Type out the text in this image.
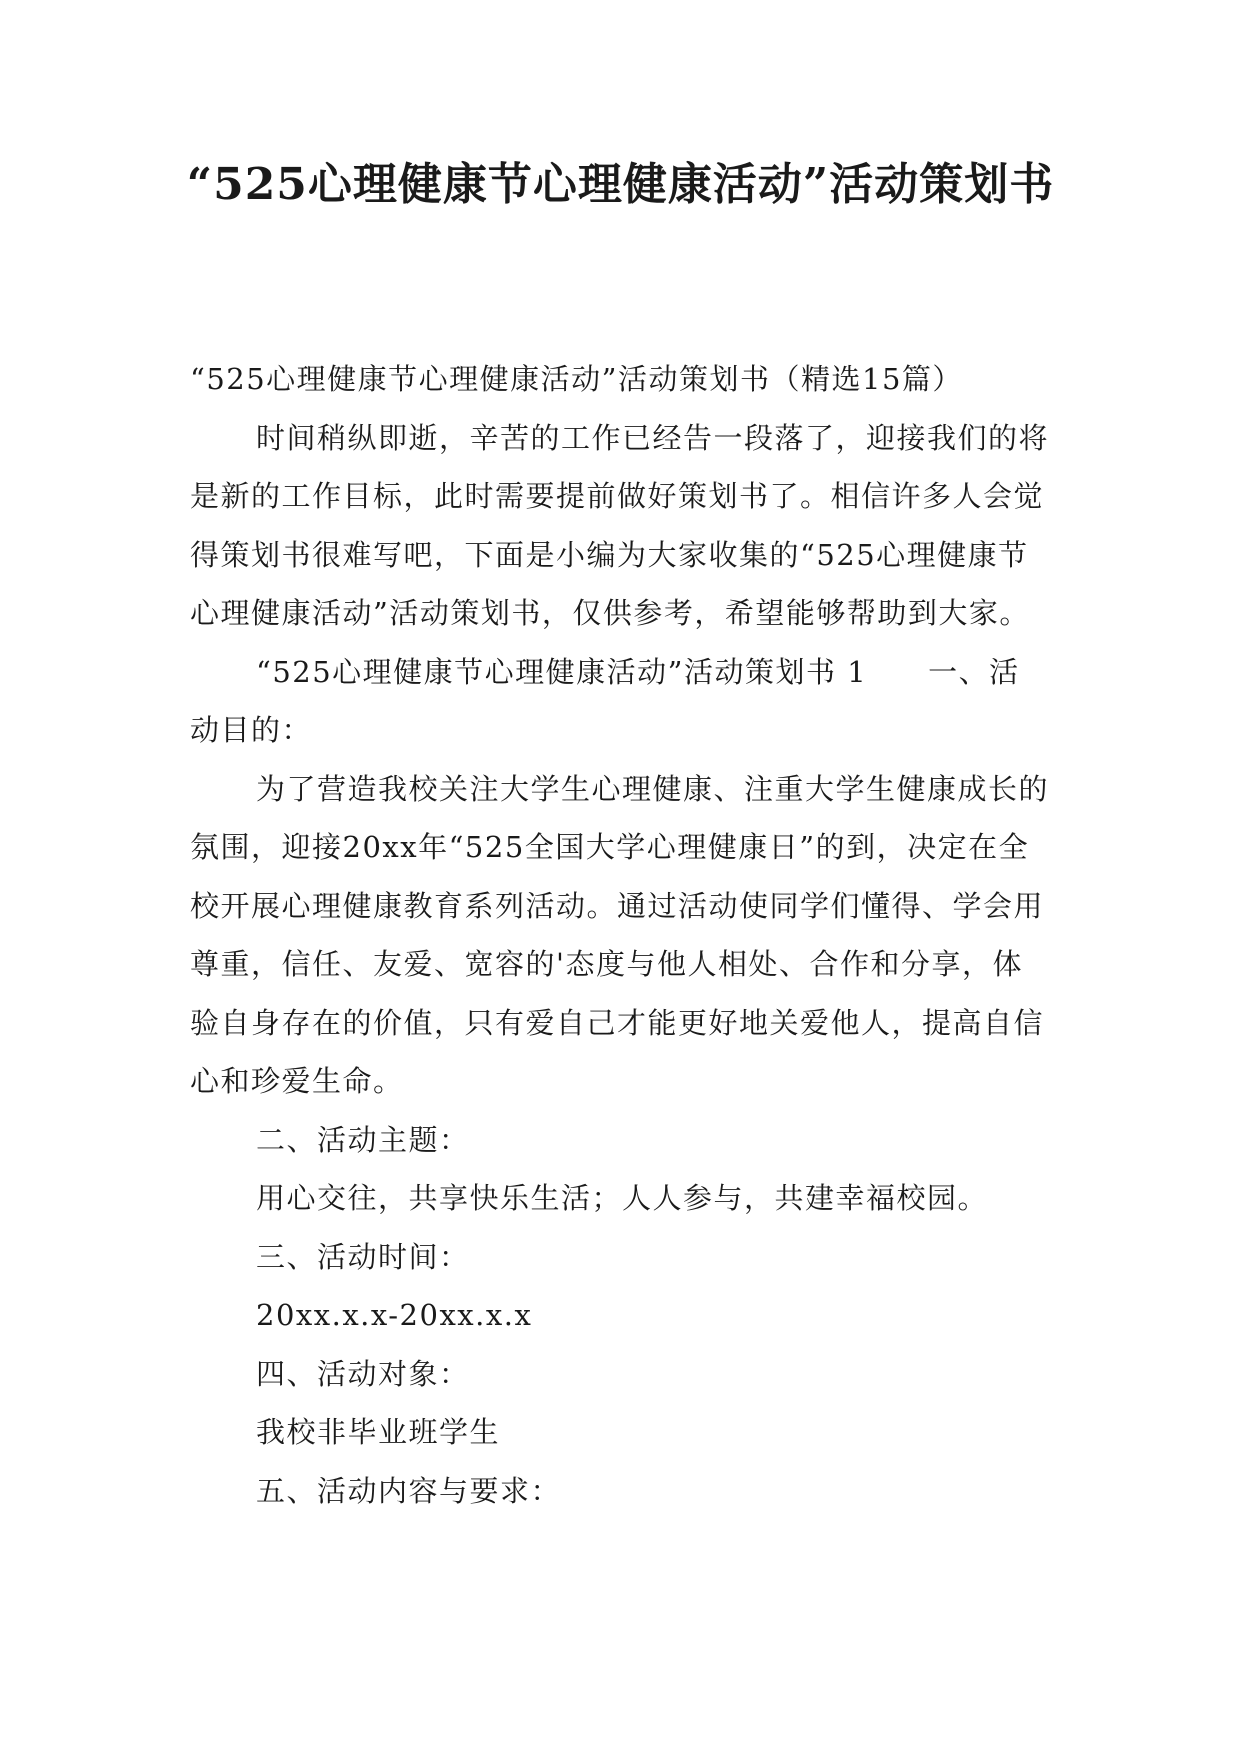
“525心理健康节心理健康活动”活动策划书

“525心理健康节心理健康活动”活动策划书（精选15篇）

时间稍纵即逝，辛苦的工作已经告一段落了，迎接我们的将是新的工作目标，此时需要提前做好策划书了。相信许多人会觉得策划书很难写吧，下面是小编为大家收集的“525心理健康节心理健康活动”活动策划书，仅供参考，希望能够帮助到大家。

“525心理健康节心理健康活动”活动策划书 1　　一、活动目的：

为了营造我校关注大学生心理健康、注重大学生健康成长的氛围，迎接20xx年“525全国大学心理健康日”的到，决定在全校开展心理健康教育系列活动。通过活动使同学们懂得、学会用尊重，信任、友爱、宽容的'态度与他人相处、合作和分享，体验自身存在的价值，只有爱自己才能更好地关爱他人，提高自信心和珍爱生命。

二、活动主题：

用心交往，共享快乐生活；人人参与，共建幸福校园。

三、活动时间：

20xx.x.x-20xx.x.x

四、活动对象：

我校非毕业班学生

五、活动内容与要求：
